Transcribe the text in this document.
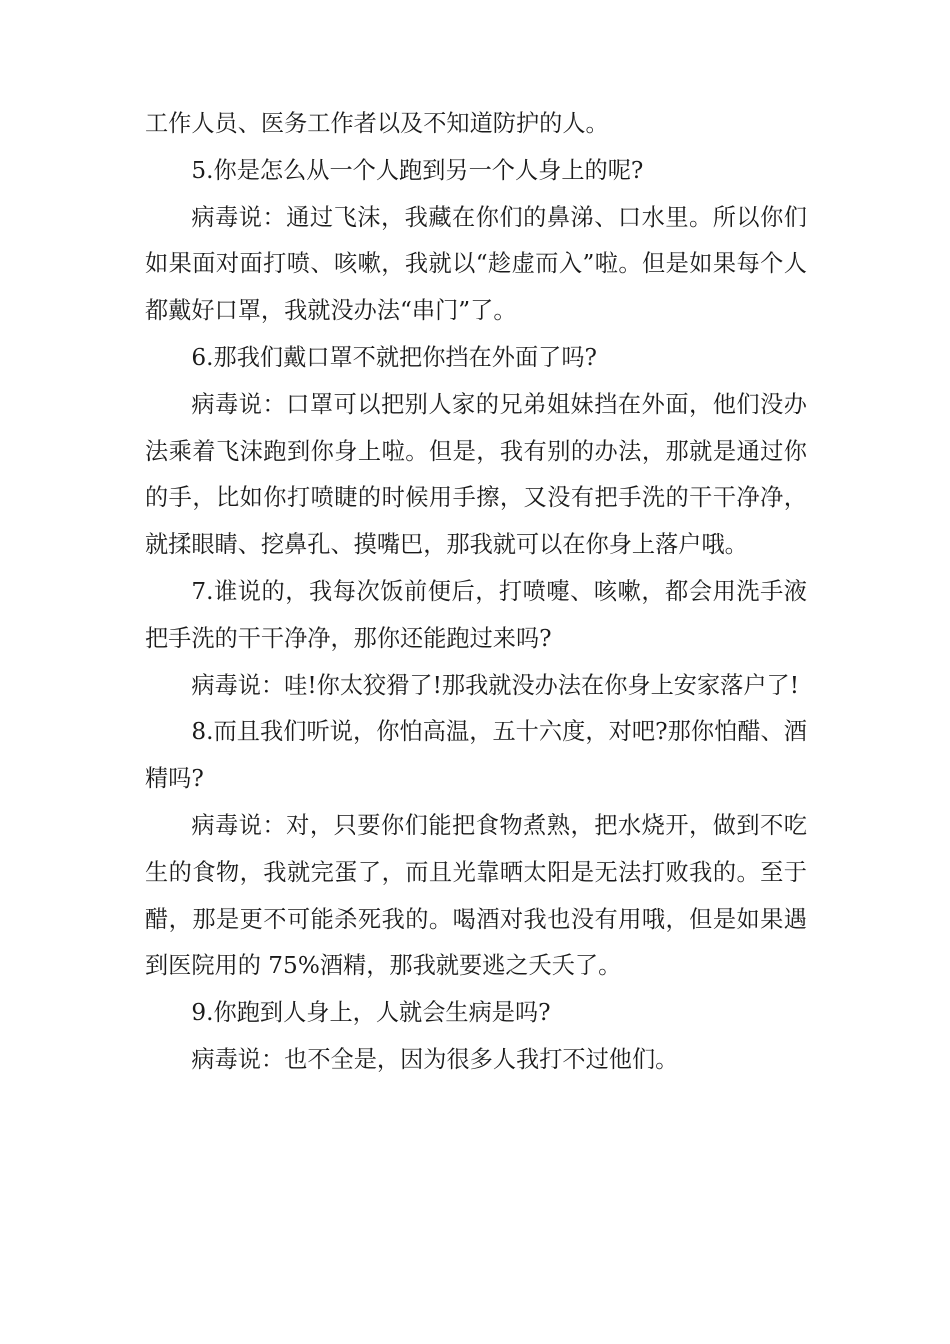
工作人员、医务工作者以及不知道防护的人。

5.你是怎么从一个人跑到另一个人身上的呢?

病毒说：通过飞沫，我藏在你们的鼻涕、口水里。所以你们如果面对面打喷、咳嗽，我就以“趁虚而入”啦。但是如果每个人都戴好口罩，我就没办法“串门”了。

6.那我们戴口罩不就把你挡在外面了吗?

病毒说：口罩可以把别人家的兄弟姐妹挡在外面，他们没办法乘着飞沫跑到你身上啦。但是，我有别的办法，那就是通过你的手，比如你打喷睫的时候用手擦，又没有把手洗的干干净净，就揉眼睛、挖鼻孔、摸嘴巴，那我就可以在你身上落户哦。

7.谁说的，我每次饭前便后，打喷嚏、咳嗽，都会用洗手液把手洗的干干净净，那你还能跑过来吗?

病毒说：哇!你太狡猾了!那我就没办法在你身上安家落户了!

8.而且我们听说，你怕高温，五十六度，对吧?那你怕醋、酒精吗?

病毒说：对，只要你们能把食物煮熟，把水烧开，做到不吃生的食物，我就完蛋了，而且光靠晒太阳是无法打败我的。至于醋，那是更不可能杀死我的。喝酒对我也没有用哦，但是如果遇到医院用的 75%酒精，那我就要逃之夭夭了。

9.你跑到人身上，人就会生病是吗?

病毒说：也不全是，因为很多人我打不过他们。
